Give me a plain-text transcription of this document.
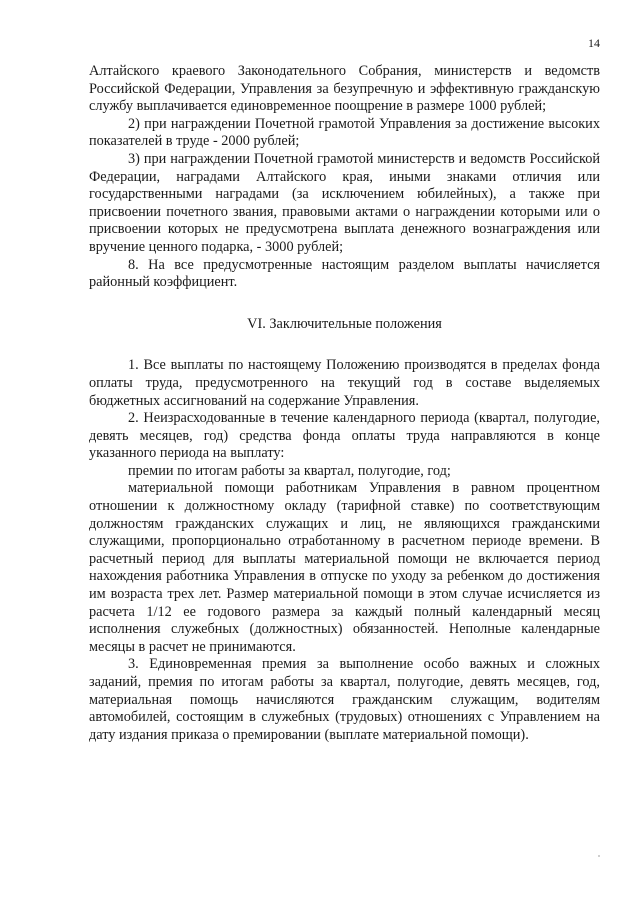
14

Алтайского краевого Законодательного Собрания, министерств и ведомств Российской Федерации, Управления за безупречную и эффективную гражданскую службу выплачивается единовременное поощрение в размере 1000 рублей;

2) при награждении Почетной грамотой Управления за достижение высоких показателей в труде - 2000 рублей;

3) при награждении Почетной грамотой министерств и ведомств Российской Федерации, наградами Алтайского края, иными знаками отличия или государственными наградами (за исключением юбилейных), а также при присвоении почетного звания, правовыми актами о награждении которыми или о присвоении которых не предусмотрена выплата денежного вознаграждения или вручение ценного подарка, - 3000 рублей;

8. На все предусмотренные настоящим разделом выплаты начисляется районный коэффициент.

VI. Заключительные положения

1. Все выплаты по настоящему Положению производятся в пределах фонда оплаты труда, предусмотренного на текущий год в составе выделяемых бюджетных ассигнований на содержание Управления.

2. Неизрасходованные в течение календарного периода (квартал, полугодие, девять месяцев, год) средства фонда оплаты труда направляются в конце указанного периода на выплату:

премии по итогам работы за квартал, полугодие, год;

материальной помощи работникам Управления в равном процентном отношении к должностному окладу (тарифной ставке) по соответствующим должностям гражданских служащих и лиц, не являющихся гражданскими служащими, пропорционально отработанному в расчетном периоде времени. В расчетный период для выплаты материальной помощи не включается период нахождения работника Управления в отпуске по уходу за ребенком до достижения им возраста трех лет. Размер материальной помощи в этом случае исчисляется из расчета 1/12 ее годового размера за каждый полный календарный месяц исполнения служебных (должностных) обязанностей. Неполные календарные месяцы в расчет не принимаются.

3. Единовременная премия за выполнение особо важных и сложных заданий, премия по итогам работы за квартал, полугодие, девять месяцев, год, материальная помощь начисляются гражданским служащим, водителям автомобилей, состоящим в служебных (трудовых) отношениях с Управлением на дату издания приказа о премировании (выплате материальной помощи).
